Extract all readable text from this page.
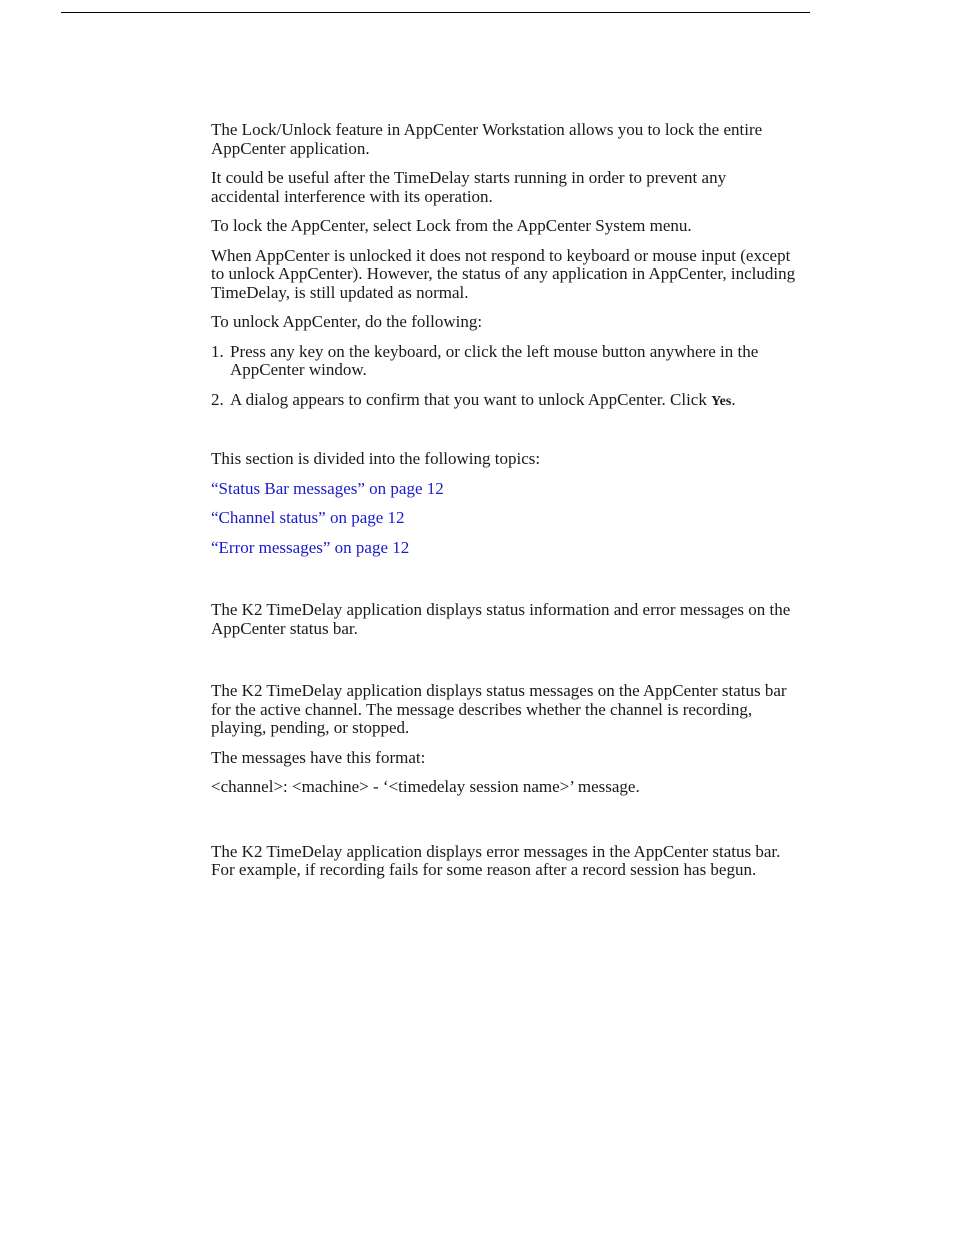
The Lock/Unlock feature in AppCenter Workstation allows you to lock the entire AppCenter application.

It could be useful after the TimeDelay starts running in order to prevent any accidental interference with its operation.

To lock the AppCenter, select Lock from the AppCenter System menu.

When AppCenter is unlocked it does not respond to keyboard or mouse input (except to unlock AppCenter). However, the status of any application in AppCenter, including TimeDelay, is still updated as normal.

To unlock AppCenter, do the following:

1. Press any key on the keyboard, or click the left mouse button anywhere in the AppCenter window.
2. A dialog appears to confirm that you want to unlock AppCenter. Click Yes.

This section is divided into the following topics:

“Status Bar messages” on page 12
“Channel status” on page 12
“Error messages” on page 12

The K2 TimeDelay application displays status information and error messages on the AppCenter status bar.

The K2 TimeDelay application displays status messages on the AppCenter status bar for the active channel. The message describes whether the channel is recording, playing, pending, or stopped.

The messages have this format:

<channel>: <machine> - ‘<timedelay session name>’ message.

The K2 TimeDelay application displays error messages in the AppCenter status bar. For example, if recording fails for some reason after a record session has begun.
